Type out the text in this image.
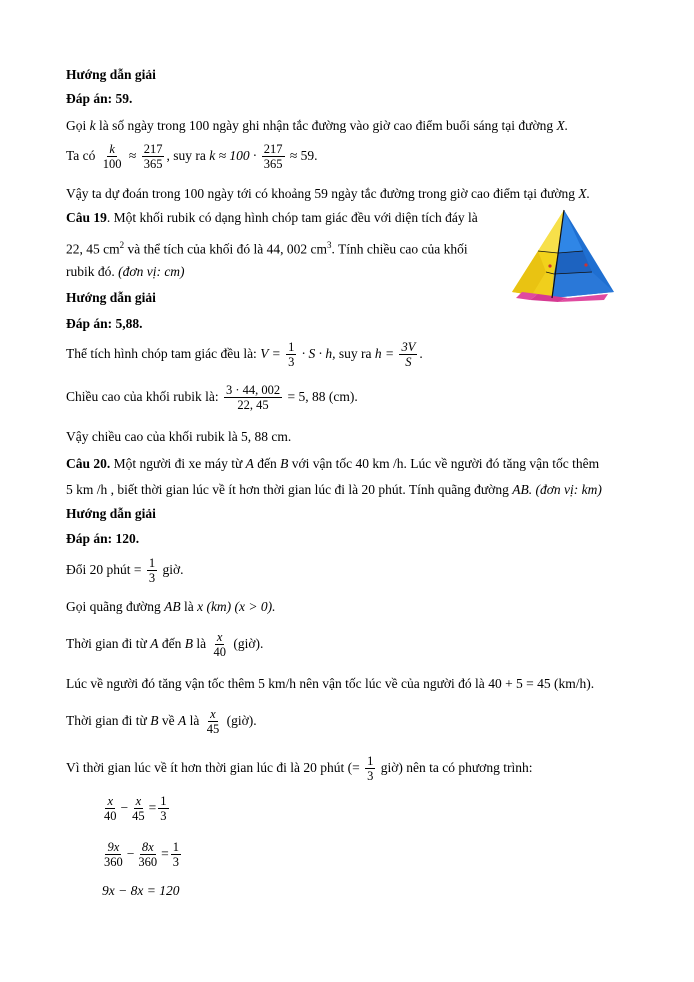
Hướng dẫn giải
Đáp án: 59.
Gọi k là số ngày trong 100 ngày ghi nhận tắc đường vào giờ cao điểm buổi sáng tại đường X.
Ta có $\frac{k}{100} \approx \frac{217}{365}$ , suy ra $k \approx 100 \cdot \frac{217}{365} \approx 59$.
Vậy ta dự đoán trong 100 ngày tới có khoảng 59 ngày tắc đường trong giờ cao điểm tại đường X.
Câu 19. Một khối rubik có dạng hình chóp tam giác đều với diện tích đáy là
22, 45 $cm^2$ và thể tích của khối đó là 44, 002 $cm^3$. Tính chiều cao của khối
rubik đó. (đơn vị: cm)
Hướng dẫn giải
Đáp án: 5,88.
Thể tích hình chóp tam giác đều là: $V = \frac{1}{3} \cdot S \cdot h$, suy ra $h = \frac{3V}{S}$ .
Chiều cao của khối rubik là: $\frac{3 \cdot 44, 002}{22, 45} = 5$, 88 (cm).
Vậy chiều cao của khối rubik là 5, 88 cm.
Câu 20. Một người đi xe máy từ A đến B với vận tốc 40 km /h. Lúc về người đó tăng vận tốc thêm
5 km /h , biết thời gian lúc về ít hơn thời gian lúc đi là 20 phút. Tính quãng đường AB. (đơn vị: km)
Hướng dẫn giải
Đáp án: 120.
Đổi 20 phút = $\frac{1}{3}$ giờ.
Gọi quãng đường AB là x (km) (x > 0).
Thời gian đi từ A đến B là $\frac{x}{40}$ (giờ).
Lúc về người đó tăng vận tốc thêm 5 km/h nên vận tốc lúc về của người đó là 40 + 5 = 45 (km/h).
Thời gian đi từ B về A là $\frac{x}{45}$ (giờ).
Vì thời gian lúc về ít hơn thời gian lúc đi là 20 phút (= $\frac{1}{3}$ giờ) nên ta có phương trình:
$\frac{x}{40} - \frac{x}{45} = \frac{1}{3}$
$\frac{9x}{360} - \frac{8x}{360} = \frac{1}{3}$
9x − 8x = 120
